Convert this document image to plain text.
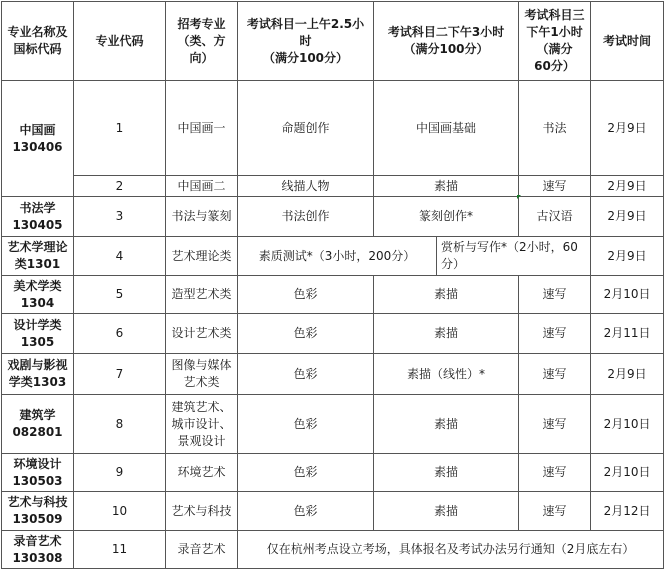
专业名称及
国标代码	专业代码	招考专业
（类、方
向）	考试科目一上午2.5小时
（满分100分）	考试科目二下午3小时
（满分100分）		考试科目三
下午1小时
（满分
60分）	考试时间

中国画
130406	1	中国画一	命题创作	中国画基础		书法	2月9日
	2	中国画二	线描人物	素描		速写	2月9日

书法学
130405	3	书法与篆刻	书法创作	篆刻创作*		古汉语	2月9日

艺术学理论
类1301	4	艺术理论类	素质测试*（3小时，200分）		赏析与写作*（2小时，60分）		2月9日

美术学类
1304	5	造型艺术类	色彩	素描		速写	2月10日

设计学类
1305	6	设计艺术类	色彩	素描		速写	2月11日

戏剧与影视
学类1303	7	图像与媒体
艺术类	色彩	素描（线性）*		速写	2月9日

建筑学
082801	8	建筑艺术、
城市设计、
景观设计	色彩	素描		速写	2月10日

环境设计
130503	9	环境艺术	色彩	素描		速写	2月10日

艺术与科技
130509	10	艺术与科技	色彩	素描		速写	2月12日

录音艺术
130308	11	录音艺术	仅在杭州考点设立考场，具体报名及考试办法另行通知（2月底左右）				
